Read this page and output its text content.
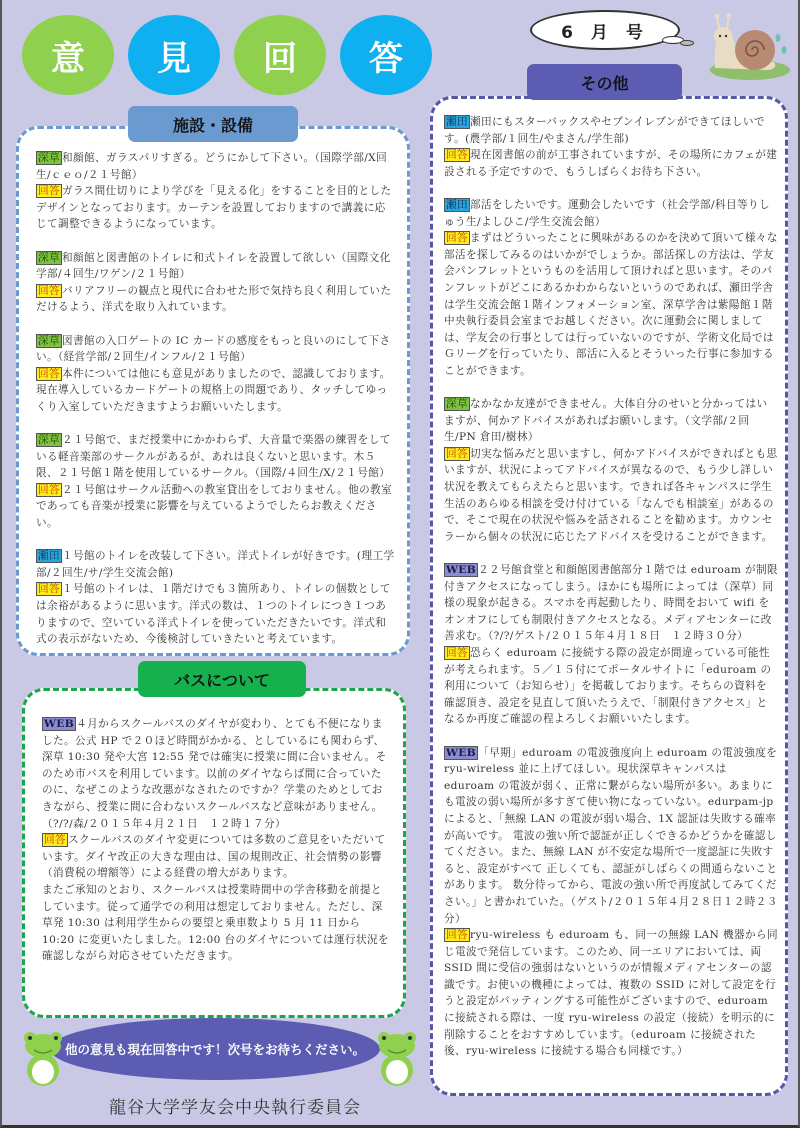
意	見	回	答
6 月 号
施設・設備
深草 和顔館、ガラスパリすぎる。どうにかして下さい。（国際学部/X回生/ｃｅｏ/２１号館）
回答 ガラス間仕切りにより学びを「見える化」をすることを目的としたデザインとなっております。カーテンを設置しておりますので講義に応じて調整できるようになっています。
深草 和顔館と図書館のトイレに和式トイレを設置して欲しい（国際文化学部/４回生/ワゲン/２１号館）
回答 バリアフリーの観点と現代に合わせた形で気持ち良く利用していただけるよう、洋式を取り入れています。
深草 図書館の入口ゲートの IC カードの感度をもっと良いのにして下さい。（経営学部/２回生/インフル/２１号館）
回答 本件については他にも意見がありましたので、認識しております。現在導入しているカードゲートの規格上の問題であり、タッチしてゆっくり入室していただきますようお願いいたします。
深草 ２１号館で、まだ授業中にかかわらず、大音量で楽器の練習をしている軽音楽部のサークルがあるが、あれは良くないと思います。木５限、２１号館１階を使用しているサークル。（国際/４回生/X/２１号館）
回答 ２１号館はサークル活動への教室貸出をしておりません。他の教室であっても音楽が授業に影響を与えているようでしたらお教えください。
瀬田 １号館のトイレを改装して下さい。洋式トイレが好きです。(理工学部/２回生/サ/学生交流会館)
回答 １号館のトイレは、１階だけでも３箇所あり、トイレの個数としては余裕があるように思います。洋式の数は、１つのトイレにつき１つありますので、空いている洋式トイレを使っていただきたいです。洋式和式の表示がないため、今後検討していきたいと考えています。
バスについて
WEB ４月からスクールバスのダイヤが変わり、とても不便になりました。公式 HP で２０ほど時間がかかる、としているにも関わらず、深草 10:30 発や大宮 12:55 発では確実に授業に間に合いません。そのため市バスを利用しています。以前のダイヤならば間に合っていたのに、なぜこのような改悪がなされたのですか？学業のためとしておきながら、授業に間に合わないスクールバスなど意味がありません。（?/?/森/２０１５年４月２１日　１２時１７分）
回答 スクールバスのダイヤ変更については多数のご意見をいただいています。ダイヤ改正の大きな理由は、国の規則改正、社会情勢の影響（消費税の増額等）による経費の増大があります。
またご承知のとおり、スクールバスは授業時間中の学舎移動を前提としています。従って通学での利用は想定しておりません。ただし、深草発 10:30 は利用学生からの要望と乗車数より 5 月 11 日から 10:20 に変更いたしました。12:00 台のダイヤについては運行状況を確認しながら対応させていただきます。
その他
瀬田 瀬田にもスターバックスやセブンイレブンができてほしいです。(農学部/１回生/やまさん/学生部)
回答 現在図書館の前が工事されていますが、その場所にカフェが建設される予定ですので、もうしばらくお待ち下さい。
瀬田 部活をしたいです。運動会したいです（社会学部/科目等りしゅう生/よしひこ/学生交流会館）
回答 まずはどういったことに興味があるのかを決めて頂いて様々な部活を探してみるのはいかがでしょうか。部活探しの方法は、学友会パンフレットというものを活用して頂ければと思います。そのパンフレットがどこにあるかわからないというのであれば、瀬田学舎は学生交流会館１階インフォメーション室、深草学舎は紫陽館１階中央執行委員会室までお越しください。次に運動会に関しましては、学友会の行事としては行っていないのですが、学術文化局ではＧリーグを行っていたり、部活に入るとそういった行事に参加することができます。
深草 なかなか友達ができません。大体自分のせいと分かってはいますが、何かアドバイスがあればお願いします。（文学部/２回生/PN 倉田/樹林）
回答 切実な悩みだと思いますし、何かアドバイスができればとも思いますが、状況によってアドバイスが異なるので、もう少し詳しい状況を教えてもらえたらと思います。できれば各キャンパスに学生生活のあらゆる相談を受け付けている「なんでも相談室」があるので、そこで現在の状況や悩みを話されることを勧めます。カウンセラーから個々の状況に応じたアドバイスを受けることができます。
WEB ２２号館食堂と和顔館図書館部分１階では eduroam が制限付きアクセスになってしまう。ほかにも場所によっては（深草）同様の現象が起きる。スマホを再起動したり、時間をおいて wifi をオンオフにしても制限付きアクセスとなる。メディアセンターに改善求む。（?/?/ゲスト/２０１５年４月１８日　１２時３０分）
回答 恐らく eduroam に接続する際の設定が間違っている可能性が考えられます。５／１５付にてポータルサイトに「eduroam の利用について（お知らせ）」を掲載しております。そちらの資料を確認頂き、設定を見直して頂いたうえで、「制限付きアクセス」となるか再度ご確認の程よろしくお願いいたします。
WEB 「早期」eduroam の電波強度向上 eduroam の電波強度を ryu-wireless 並に上げてほしい。現状深草キャンパスは eduroam の電波が弱く、正常に繋がらない場所が多い。あまりにも電波の弱い場所が多すぎて使い物になっていない。edurpam-jp によると、「無線 LAN の電波が弱い場合、1X 認証は失敗する確率が高いです。 電波の強い所で認証が正しくできるかどうかを確認してください。また、無線 LAN が不安定な場所で一度認証に失敗すると、設定がすべて 正しくても、認証がしばらくの間通らないことがあります。 数分待ってから、電波の強い所で再度試してみてください。」と書かれていた。（ゲスト/２０１５年４月２８日１２時２３分）
回答 ryu-wireless も eduroam も、同一の無線 LAN 機器から同じ電波で発信しています。このため、同一エリアにおいては、両 SSID 間に受信の強弱はないというのが情報メディアセンターの認識です。お使いの機種によっては、複数の SSID に対して設定を行うと設定がバッティングする可能性がございますので、eduroam に接続される際は、一度 ryu-wireless の設定（接続）を明示的に削除することをおすすめしています。（eduroam に接続された後、ryu-wireless に接続する場合も同様です。）
他の意見も現在回答中です！次号をお待ちください。
龍谷大学学友会中央執行委員会
